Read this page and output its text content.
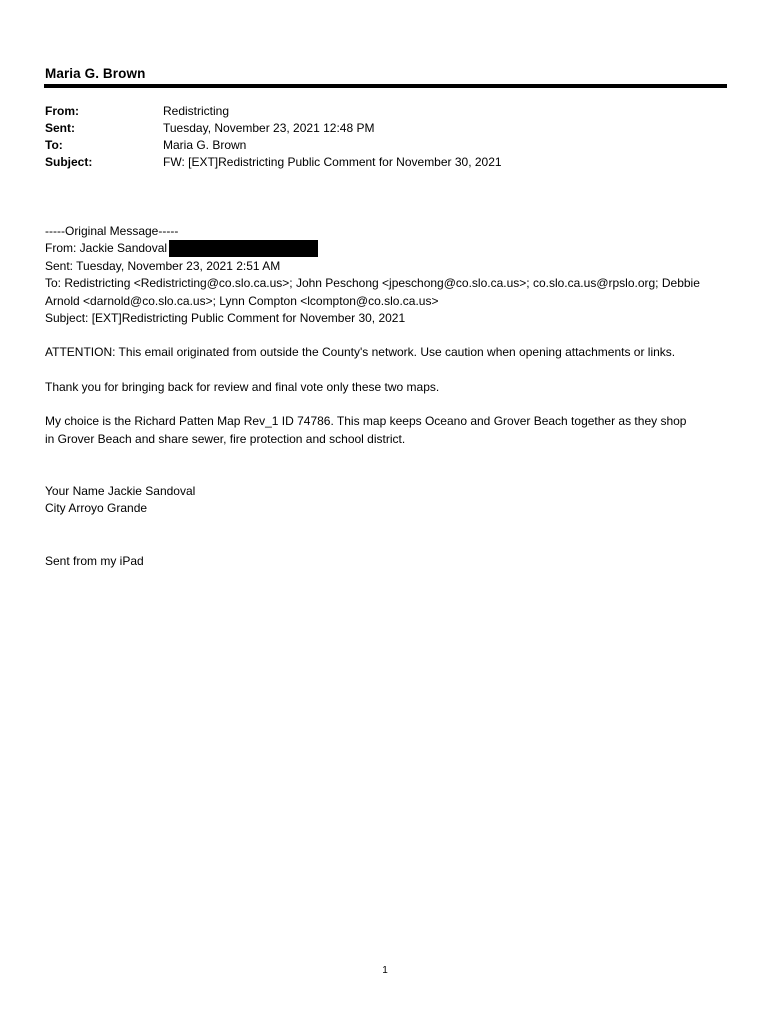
Maria G. Brown
From:	Redistricting
Sent:	Tuesday, November 23, 2021 12:48 PM
To:	Maria G. Brown
Subject:	FW: [EXT]Redistricting Public Comment for November 30, 2021

-----Original Message-----

From: Jackie Sandoval

Sent: Tuesday, November 23, 2021 2:51 AM

To: Redistricting <Redistricting@co.slo.ca.us>; John Peschong <jpeschong@co.slo.ca.us>; co.slo.ca.us@rpslo.org; Debbie

Arnold <darnold@co.slo.ca.us>; Lynn Compton <lcompton@co.slo.ca.us>

Subject: [EXT]Redistricting Public Comment for November 30, 2021

ATTENTION: This email originated from outside the County's network. Use caution when opening attachments or links.

Thank you for bringing back for review and final vote only these two maps.

My choice is the Richard Patten Map Rev_1 ID 74786. This map keeps Oceano and Grover Beach together as they shop

in Grover Beach and share sewer, fire protection and school district.

Your Name Jackie Sandoval

City Arroyo Grande

Sent from my iPad

1
